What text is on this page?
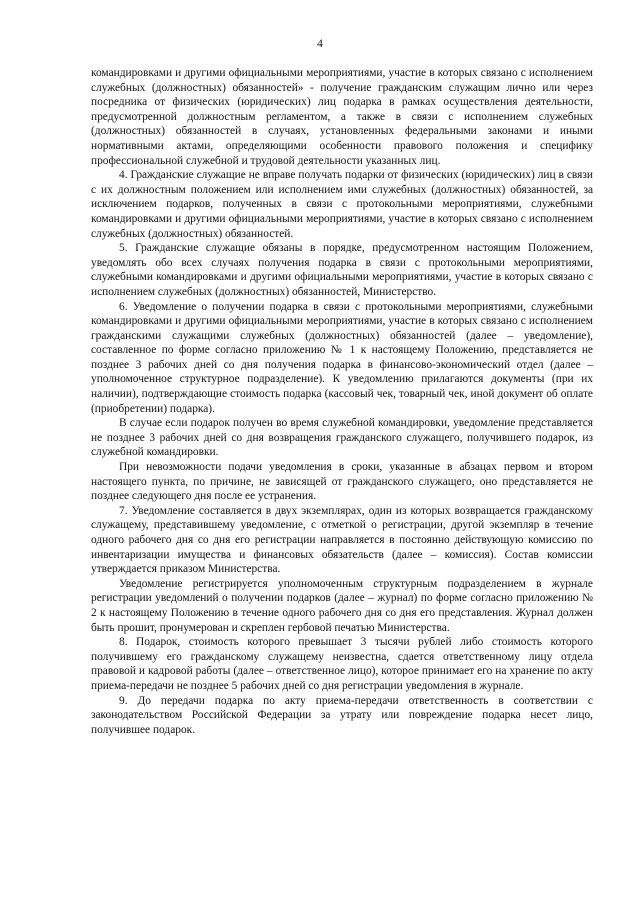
4

командировками и другими официальными мероприятиями, участие в которых связано с исполнением служебных (должностных) обязанностей» - получение гражданским служащим лично или через посредника от физических (юридических) лиц подарка в рамках осуществления деятельности, предусмотренной должностным регламентом, а также в связи с исполнением служебных (должностных) обязанностей в случаях, установленных федеральными законами и иными нормативными актами, определяющими особенности правового положения и специфику профессиональной служебной и трудовой деятельности указанных лиц.

4. Гражданские служащие не вправе получать подарки от физических (юридических) лиц в связи с их должностным положением или исполнением ими служебных (должностных) обязанностей, за исключением подарков, полученных в связи с протокольными мероприятиями, служебными командировками и другими официальными мероприятиями, участие в которых связано с исполнением служебных (должностных) обязанностей.

5. Гражданские служащие обязаны в порядке, предусмотренном настоящим Положением, уведомлять обо всех случаях получения подарка в связи с протокольными мероприятиями, служебными командировками и другими официальными мероприятиями, участие в которых связано с исполнением служебных (должностных) обязанностей, Министерство.

6. Уведомление о получении подарка в связи с протокольными мероприятиями, служебными командировками и другими официальными мероприятиями, участие в которых связано с исполнением гражданскими служащими служебных (должностных) обязанностей (далее – уведомление), составленное по форме согласно приложению № 1 к настоящему Положению, представляется не позднее 3 рабочих дней со дня получения подарка в финансово-экономический отдел (далее – уполномоченное структурное подразделение). К уведомлению прилагаются документы (при их наличии), подтверждающие стоимость подарка (кассовый чек, товарный чек, иной документ об оплате (приобретении) подарка).

В случае если подарок получен во время служебной командировки, уведомление представляется не позднее 3 рабочих дней со дня возвращения гражданского служащего, получившего подарок, из служебной командировки.

При невозможности подачи уведомления в сроки, указанные в абзацах первом и втором настоящего пункта, по причине, не зависящей от гражданского служащего, оно представляется не позднее следующего дня после ее устранения.

7. Уведомление составляется в двух экземплярах, один из которых возвращается гражданскому служащему, представившему уведомление, с отметкой о регистрации, другой экземпляр в течение одного рабочего дня со дня его регистрации направляется в постоянно действующую комиссию по инвентаризации имущества и финансовых обязательств (далее – комиссия). Состав комиссии утверждается приказом Министерства.

Уведомление регистрируется уполномоченным структурным подразделением в журнале регистрации уведомлений о получении подарков (далее – журнал) по форме согласно приложению № 2 к настоящему Положению в течение одного рабочего дня со дня его представления. Журнал должен быть прошит, пронумерован и скреплен гербовой печатью Министерства.

8. Подарок, стоимость которого превышает 3 тысячи рублей либо стоимость которого получившему его гражданскому служащему неизвестна, сдается ответственному лицу отдела правовой и кадровой работы (далее – ответственное лицо), которое принимает его на хранение по акту приема-передачи не позднее 5 рабочих дней со дня регистрации уведомления в журнале.

9. До передачи подарка по акту приема-передачи ответственность в соответствии с законодательством Российской Федерации за утрату или повреждение подарка несет лицо, получившее подарок.
